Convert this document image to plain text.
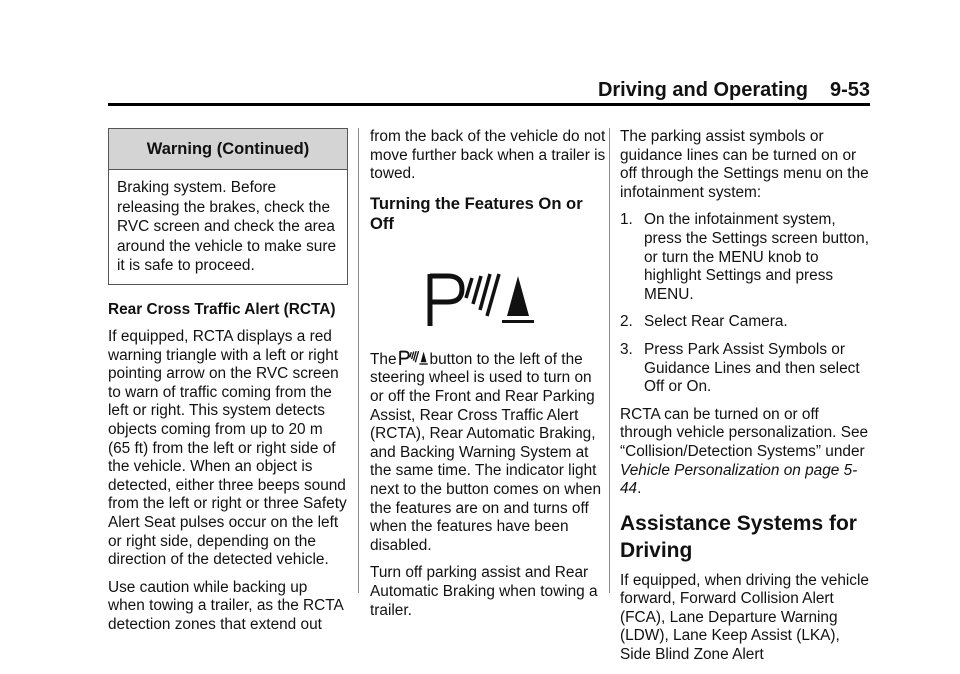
Driving and Operating 9-53
Warning (Continued)
Braking system. Before releasing the brakes, check the RVC screen and check the area around the vehicle to make sure it is safe to proceed.
Rear Cross Traffic Alert (RCTA)

If equipped, RCTA displays a red warning triangle with a left or right pointing arrow on the RVC screen to warn of traffic coming from the left or right. This system detects objects coming from up to 20 m (65 ft) from the left or right side of the vehicle. When an object is detected, either three beeps sound from the left or right or three Safety Alert Seat pulses occur on the left or right side, depending on the direction of the detected vehicle.

Use caution while backing up when towing a trailer, as the RCTA detection zones that extend out

from the back of the vehicle do not move further back when a trailer is towed.

Turning the Features On or Off

The button to the left of the steering wheel is used to turn on or off the Front and Rear Parking Assist, Rear Cross Traffic Alert (RCTA), Rear Automatic Braking, and Backing Warning System at the same time. The indicator light next to the button comes on when the features are on and turns off when the features have been disabled.

Turn off parking assist and Rear Automatic Braking when towing a trailer.

The parking assist symbols or guidance lines can be turned on or off through the Settings menu on the infotainment system:

1. On the infotainment system, press the Settings screen button, or turn the MENU knob to highlight Settings and press MENU.
2. Select Rear Camera.
3. Press Park Assist Symbols or Guidance Lines and then select Off or On.

RCTA can be turned on or off through vehicle personalization. See “Collision/Detection Systems” under Vehicle Personalization on page 5-44.

Assistance Systems for Driving

If equipped, when driving the vehicle forward, Forward Collision Alert (FCA), Lane Departure Warning (LDW), Lane Keep Assist (LKA), Side Blind Zone Alert
